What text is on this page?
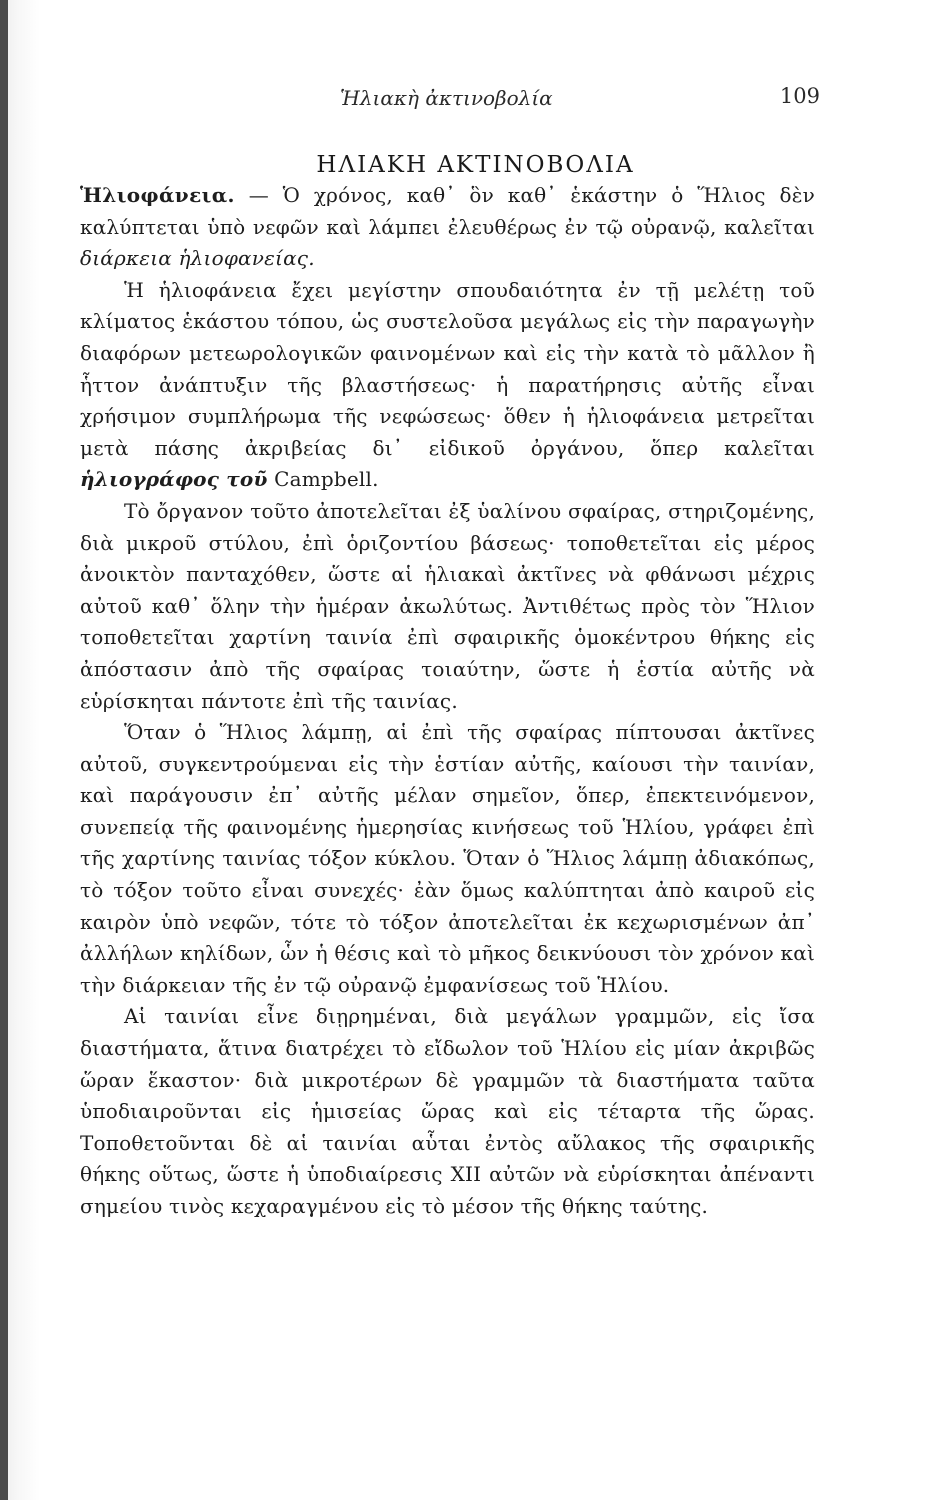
Ἡλιακὴ ἀκτινοβολία	109
ΗΛΙΑΚΗ ΑΚΤΙΝΟΒΟΛΙΑ

Ἡλιοφάνεια. — Ὁ χρόνος, καθ᾿ ὃν καθ᾿ ἑκάστην ὁ Ἥλιος δὲν καλύπτεται ὑπὸ νεφῶν καὶ λάμπει ἐλευθέρως ἐν τῷ οὐρανῷ, καλεῖται διάρκεια ἡλιοφανείας.

Ἡ ἡλιοφάνεια ἔχει μεγίστην σπουδαιότητα ἐν τῇ μελέτῃ τοῦ κλίματος ἑκάστου τόπου, ὡς συστελοῦσα μεγάλως εἰς τὴν παραγωγὴν διαφόρων μετεωρολογικῶν φαινομένων καὶ εἰς τὴν κατὰ τὸ μᾶλλον ἢ ἧττον ἀνάπτυξιν τῆς βλαστήσεως· ἡ παρατήρησις αὐτῆς εἶναι χρήσιμον συμπλήρωμα τῆς νεφώσεως· ὅθεν ἡ ἡλιοφάνεια μετρεῖται μετὰ πάσης ἀκριβείας δι᾿ εἰδικοῦ ὀργάνου, ὅπερ καλεῖται ἡλιογράφος τοῦ Campbell.

Τὸ ὄργανον τοῦτο ἀποτελεῖται ἐξ ὑαλίνου σφαίρας, στηριζομένης, διὰ μικροῦ στύλου, ἐπὶ ὁριζοντίου βάσεως· τοποθετεῖται εἰς μέρος ἀνοικτὸν πανταχόθεν, ὥστε αἱ ἡλιακαὶ ἀκτῖνες νὰ φθάνωσι μέχρις αὐτοῦ καθ᾿ ὅλην τὴν ἡμέραν ἀκωλύτως. Ἀντιθέτως πρὸς τὸν Ἥλιον τοποθετεῖται χαρτίνη ταινία ἐπὶ σφαιρικῆς ὁμοκέντρου θήκης εἰς ἀπόστασιν ἀπὸ τῆς σφαίρας τοιαύτην, ὥστε ἡ ἑστία αὐτῆς νὰ εὑρίσκηται πάντοτε ἐπὶ τῆς ταινίας.

Ὅταν ὁ Ἥλιος λάμπῃ, αἱ ἐπὶ τῆς σφαίρας πίπτουσαι ἀκτῖνες αὐτοῦ, συγκεντρούμεναι εἰς τὴν ἑστίαν αὐτῆς, καίουσι τὴν ταινίαν, καὶ παράγουσιν ἐπ᾿ αὐτῆς μέλαν σημεῖον, ὅπερ, ἐπεκτεινόμενον, συνεπείᾳ τῆς φαινομένης ἡμερησίας κινήσεως τοῦ Ἡλίου, γράφει ἐπὶ τῆς χαρτίνης ταινίας τόξον κύκλου. Ὅταν ὁ Ἥλιος λάμπῃ ἀδιακόπως, τὸ τόξον τοῦτο εἶναι συνεχές· ἐὰν ὅμως καλύπτηται ἀπὸ καιροῦ εἰς καιρὸν ὑπὸ νεφῶν, τότε τὸ τόξον ἀποτελεῖται ἐκ κεχωρισμένων ἀπ᾿ ἀλλήλων κηλίδων, ὧν ἡ θέσις καὶ τὸ μῆκος δεικνύουσι τὸν χρόνον καὶ τὴν διάρκειαν τῆς ἐν τῷ οὐρανῷ ἐμφανίσεως τοῦ Ἡλίου.

Αἱ ταινίαι εἶνε διῃρημέναι, διὰ μεγάλων γραμμῶν, εἰς ἴσα διαστήματα, ἅτινα διατρέχει τὸ εἴδωλον τοῦ Ἡλίου εἰς μίαν ἀκριβῶς ὥραν ἕκαστον· διὰ μικροτέρων δὲ γραμμῶν τὰ διαστήματα ταῦτα ὑποδιαιροῦνται εἰς ἡμισείας ὥρας καὶ εἰς τέταρτα τῆς ὥρας. Τοποθετοῦνται δὲ αἱ ταινίαι αὗται ἐντὸς αὔλακος τῆς σφαιρικῆς θήκης οὕτως, ὥστε ἡ ὑποδιαίρεσις XII αὐτῶν νὰ εὑρίσκηται ἀπέναντι σημείου τινὸς κεχαραγμένου εἰς τὸ μέσον τῆς θήκης ταύτης.
